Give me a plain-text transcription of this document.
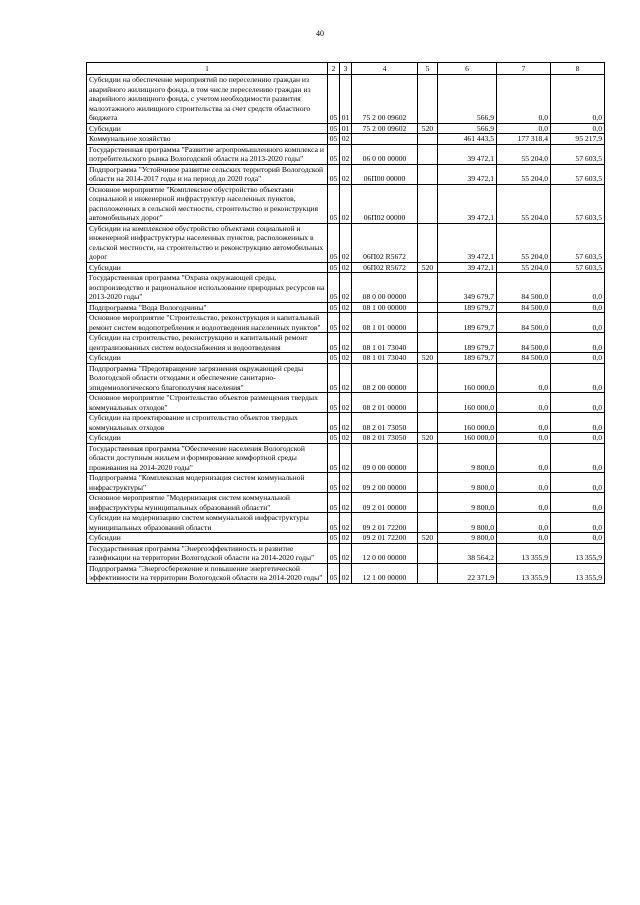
40
1	2	3	4	5	6	7	8
Субсидии на обеспечение мероприятий по переселению граждан из аварийного жилищного фонда, в том числе переселению граждан из аварийного жилищного фонда, с учетом необходимости развития малоэтажного жилищного строительства за счет средств областного бюджета	05	01	75 2 00 09602		566,9	0,0	0,0
Субсидии	05	01	75 2 00 09602	520	566,9	0,0	0,0
Коммунальное хозяйство	05	02			461 443,5	177 318,4	95 217,9
Государственная программа "Развитие агропромышленного комплекса и потребительского рынка Вологодской области на 2013-2020 годы"	05	02	06 0 00 00000		39 472,1	55 204,0	57 603,5
Подпрограмма "Устойчивое развитие сельских территорий Вологодской области на 2014-2017 годы и на период до 2020 года"	05	02	06П00 00000		39 472,1	55 204,0	57 603,5
Основное мероприятие "Комплексное обустройство объектами социальной и инженерной инфраструктур населенных пунктов, расположенных в сельской местности, строительство и реконструкция автомобильных дорог"	05	02	06П02 00000		39 472,1	55 204,0	57 603,5
Субсидии на комплексное обустройство объектами социальной и инженерной инфраструктуры населенных пунктов, расположенных в сельской местности, на строительство и реконструкцию автомобильных дорог	05	02	06П02 R5672		39 472,1	55 204,0	57 603,5
Субсидии	05	02	06П02 R5672	520	39 472,1	55 204,0	57 603,5
Государственная программа "Охрана окружающей среды, воспроизводство и рациональное использование природных ресурсов на 2013-2020 годы"	05	02	08 0 00 00000		349 679,7	84 500,0	0,0
Подпрограмма "Вода Вологодчины"	05	02	08 1 00 00000		189 679,7	84 500,0	0,0
Основное мероприятие "Строительство, реконструкция и капитальный ремонт систем водопотребления и водоотведения населенных пунктов"	05	02	08 1 01 00000		189 679,7	84 500,0	0,0
Субсидии на строительство, реконструкцию и капитальный ремонт централизованных систем водоснабжения и водоотведения	05	02	08 1 01 73040		189 679,7	84 500,0	0,0
Субсидии	05	02	08 1 01 73040	520	189 679,7	84 500,0	0,0
Подпрограмма "Предотвращение загрязнения окружающей среды Вологодской области отходами и обеспечение санитарно-эпидемиологического благополучия населения"	05	02	08 2 00 00000		160 000,0	0,0	0,0
Основное мероприятие "Строительство объектов размещения твердых коммунальных отходов"	05	02	08 2 01 00000		160 000,0	0,0	0,0
Субсидии на проектирование и строительство объектов твердых коммунальных отходов	05	02	08 2 01 73050		160 000,0	0,0	0,0
Субсидии	05	02	08 2 01 73050	520	160 000,0	0,0	0,0
Государственная программа "Обеспечение населения Вологодской области доступным жильем и формирование комфортной среды проживания на 2014-2020 годы"	05	02	09 0 00 00000		9 800,0	0,0	0,0
Подпрограмма "Комплексная модернизация систем коммунальной инфраструктуры"	05	02	09 2 00 00000		9 800,0	0,0	0,0
Основное мероприятие "Модернизация систем коммунальной инфраструктуры муниципальных образований области"	05	02	09 2 01 00000		9 800,0	0,0	0,0
Субсидии на модернизацию систем коммунальной инфраструктуры муниципальных образований области	05	02	09 2 01 72200		9 800,0	0,0	0,0
Субсидии	05	02	09 2 01 72200	520	9 800,0	0,0	0,0
Государственная программа "Энергоэффективность и развитие газификации на территории Вологодской области на 2014-2020 годы"	05	02	12 0 00 00000		38 564,2	13 355,9	13 355,9
Подпрограмма "Энергосбережение и повышение энергетической эффективности на территории Вологодской области на 2014-2020 годы"	05	02	12 1 00 00000		22 371,9	13 355,9	13 355,9
